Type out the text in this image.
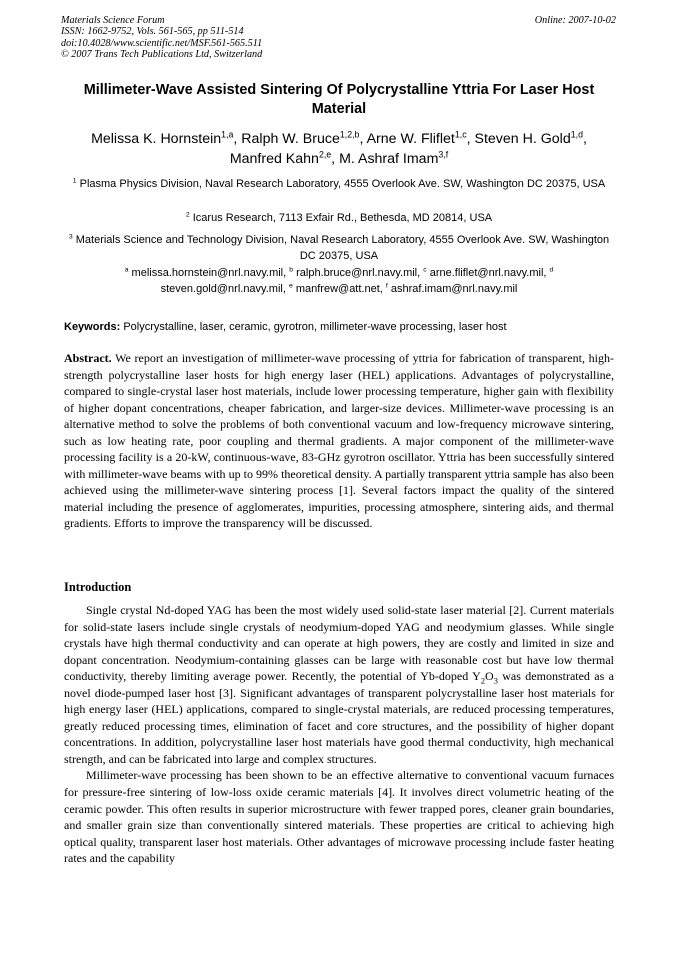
Materials Science Forum
ISSN: 1662-9752, Vols. 561-565, pp 511-514
doi:10.4028/www.scientific.net/MSF.561-565.511
© 2007 Trans Tech Publications Ltd, Switzerland
Online: 2007-10-02
Millimeter-Wave Assisted Sintering Of Polycrystalline Yttria For Laser Host Material
Melissa K. Hornstein$^{1,a}$, Ralph W. Bruce$^{1,2,b}$, Arne W. Fliflet$^{1,c}$, Steven H. Gold$^{1,d}$, Manfred Kahn$^{2,e}$, M. Ashraf Imam$^{3,f}$
$^1$ Plasma Physics Division, Naval Research Laboratory, 4555 Overlook Ave. SW, Washington DC 20375, USA
$^2$ Icarus Research, 7113 Exfair Rd., Bethesda, MD 20814, USA
$^3$ Materials Science and Technology Division, Naval Research Laboratory, 4555 Overlook Ave. SW, Washington DC 20375, USA
$^a$ melissa.hornstein@nrl.navy.mil, $^b$ ralph.bruce@nrl.navy.mil, $^c$ arne.fliflet@nrl.navy.mil, $^d$ steven.gold@nrl.navy.mil, $^e$ manfrew@att.net, $^f$ ashraf.imam@nrl.navy.mil
Keywords: Polycrystalline, laser, ceramic, gyrotron, millimeter-wave processing, laser host
Abstract. We report an investigation of millimeter-wave processing of yttria for fabrication of transparent, high-strength polycrystalline laser hosts for high energy laser (HEL) applications. Advantages of polycrystalline, compared to single-crystal laser host materials, include lower processing temperature, higher gain with flexibility of higher dopant concentrations, cheaper fabrication, and larger-size devices. Millimeter-wave processing is an alternative method to solve the problems of both conventional vacuum and low-frequency microwave sintering, such as low heating rate, poor coupling and thermal gradients. A major component of the millimeter-wave processing facility is a 20-kW, continuous-wave, 83-GHz gyrotron oscillator. Yttria has been successfully sintered with millimeter-wave beams with up to 99% theoretical density. A partially transparent yttria sample has also been achieved using the millimeter-wave sintering process [1]. Several factors impact the quality of the sintered material including the presence of agglomerates, impurities, processing atmosphere, sintering aids, and thermal gradients. Efforts to improve the transparency will be discussed.
Introduction

Single crystal Nd-doped YAG has been the most widely used solid-state laser material [2]. Current materials for solid-state lasers include single crystals of neodymium-doped YAG and neodymium glasses. While single crystals have high thermal conductivity and can operate at high powers, they are costly and limited in size and dopant concentration. Neodymium-containing glasses can be large with reasonable cost but have low thermal conductivity, thereby limiting average power. Recently, the potential of Yb-doped $Y_2O_3$ was demonstrated as a novel diode-pumped laser host [3]. Significant advantages of transparent polycrystalline laser host materials for high energy laser (HEL) applications, compared to single-crystal materials, are reduced processing temperatures, greatly reduced processing times, elimination of facet and core structures, and the possibility of higher dopant concentrations. In addition, polycrystalline laser host materials have good thermal conductivity, high mechanical strength, and can be fabricated into large and complex structures.

Millimeter-wave processing has been shown to be an effective alternative to conventional vacuum furnaces for pressure-free sintering of low-loss oxide ceramic materials [4]. It involves direct volumetric heating of the ceramic powder. This often results in superior microstructure with fewer trapped pores, cleaner grain boundaries, and smaller grain size than conventionally sintered materials. These properties are critical to achieving high optical quality, transparent laser host materials. Other advantages of microwave processing include faster heating rates and the capability
